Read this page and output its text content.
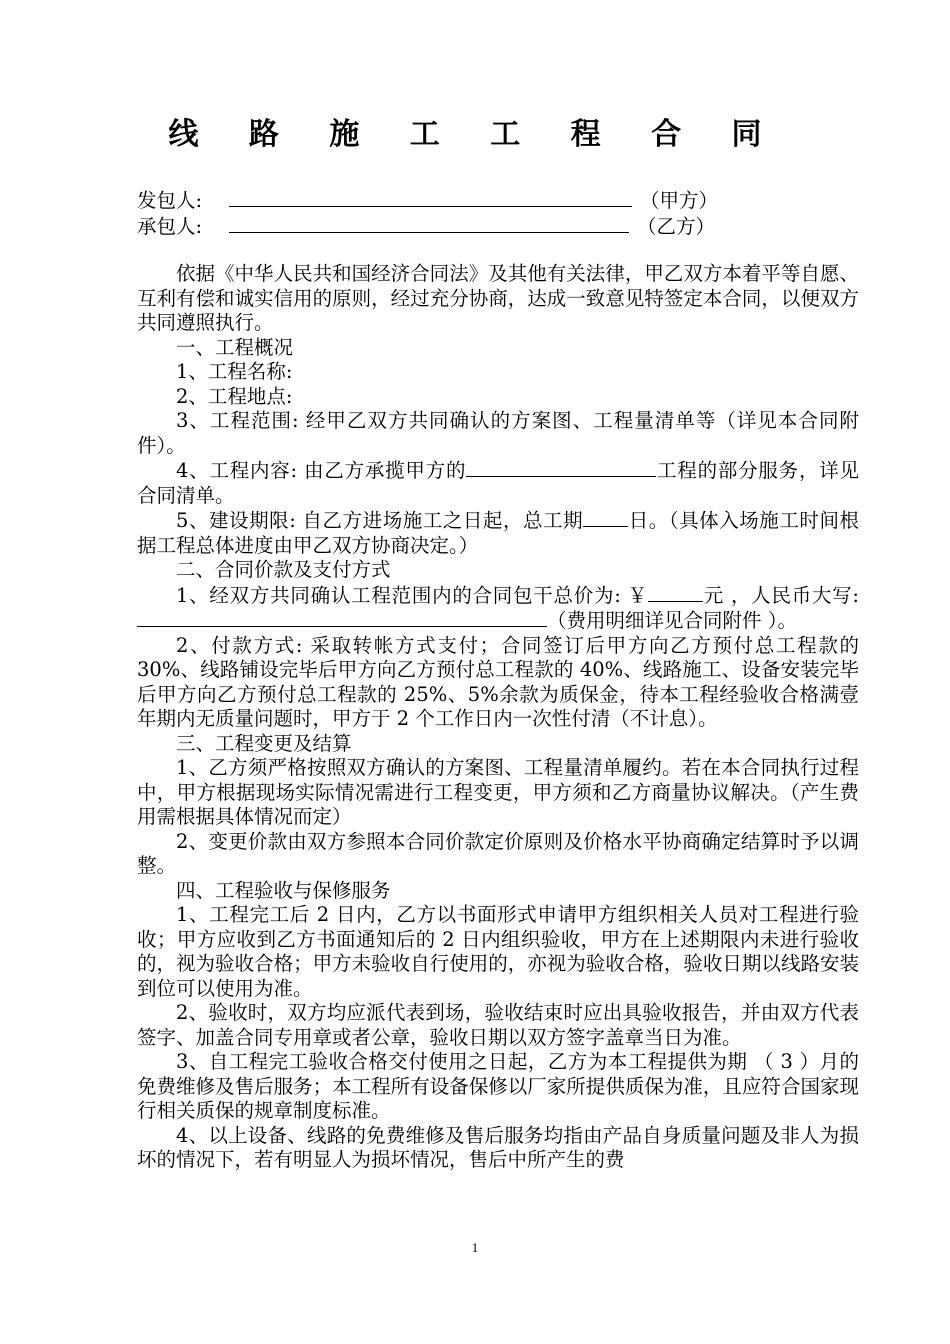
线 路 施 工 工 程 合 同
发包人:	（甲方）
承包人:	（乙方）

依据《中华人民共和国经济合同法》及其他有关法律，甲乙双方本着平等自愿、互利有偿和诚实信用的原则，经过充分协商，达成一致意见特签定本合同，以便双方共同遵照执行。

一、工程概况

1、工程名称:

2、工程地点:

3、工程范围: 经甲乙双方共同确认的方案图、工程量清单等（详见本合同附件）。

4、工程内容: 由乙方承揽甲方的	工程的部分服务，详见合同清单。

5、建设期限: 自乙方进场施工之日起，总工期 日。（具体入场施工时间根据工程总体进度由甲乙双方协商决定。）

二、合同价款及支付方式

1、经双方共同确认工程范围内的合同包干总价为: ￥	元 ，人民币大写:（费用明细详见合同附件 ）。

2、付款方式: 采取转帐方式支付；合同签订后甲方向乙方预付总工程款的 30%、线路铺设完毕后甲方向乙方预付总工程款的 40%、线路施工、设备安装完毕后甲方向乙方预付总工程款的 25%、5%余款为质保金，待本工程经验收合格满壹年期内无质量问题时，甲方于 2 个工作日内一次性付清（不计息）。

三、工程变更及结算

1、乙方须严格按照双方确认的方案图、工程量清单履约。若在本合同执行过程中，甲方根据现场实际情况需进行工程变更，甲方须和乙方商量协议解决。（产生费用需根据具体情况而定）

2、变更价款由双方参照本合同价款定价原则及价格水平协商确定结算时予以调整。

四、工程验收与保修服务

1、工程完工后 2 日内，乙方以书面形式申请甲方组织相关人员对工程进行验收；甲方应收到乙方书面通知后的 2 日内组织验收，甲方在上述期限内未进行验收的，视为验收合格；甲方未验收自行使用的，亦视为验收合格，验收日期以线路安装到位可以使用为准。

2、验收时，双方均应派代表到场，验收结束时应出具验收报告，并由双方代表签字、加盖合同专用章或者公章，验收日期以双方签字盖章当日为准。

3、自工程完工验收合格交付使用之日起，乙方为本工程提供为期 （ 3 ）月的免费维修及售后服务；本工程所有设备保修以厂家所提供质保为准，且应符合国家现行相关质保的规章制度标准。

4、以上设备、线路的免费维修及售后服务均指由产品自身质量问题及非人为损坏的情况下，若有明显人为损坏情况，售后中所产生的费

1
